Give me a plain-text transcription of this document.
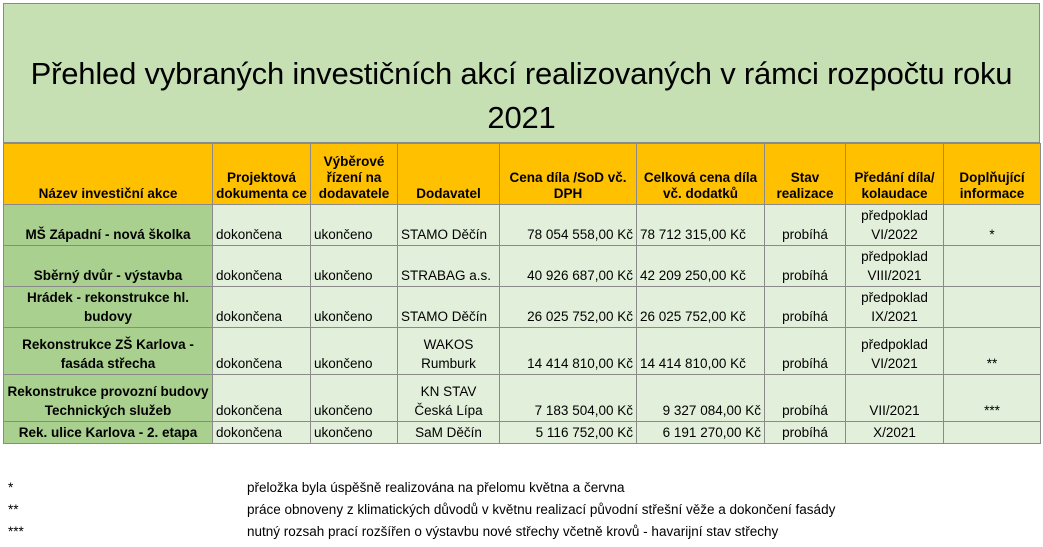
Přehled vybraných investičních akcí realizovaných v rámci rozpočtu roku 2021
Název investiční akce	Projektová dokumenta ce	Výběrové řízení na dodavatele	Dodavatel	Cena díla /SoD vč. DPH	Celková cena díla vč. dodatků	Stav realizace	Předání díla/ kolaudace	Doplňující informace
MŠ Západní - nová školka	dokončena	ukončeno	STAMO Děčín	78 054 558,00 Kč	78 712 315,00 Kč	probíhá	předpoklad VI/2022	*
Sběrný dvůr - výstavba	dokončena	ukončeno	STRABAG a.s.	40 926 687,00 Kč	42 209 250,00 Kč	probíhá	předpoklad VIII/2021	
Hrádek - rekonstrukce hl. budovy	dokončena	ukončeno	STAMO Děčín	26 025 752,00 Kč	26 025 752,00 Kč	probíhá	předpoklad IX/2021	
Rekonstrukce ZŠ Karlova - fasáda střecha	dokončena	ukončeno	WAKOS Rumburk	14 414 810,00 Kč	14 414 810,00 Kč	probíhá	předpoklad VI/2021	**
Rekonstrukce provozní budovy Technických služeb	dokončena	ukončeno	KN STAV Česká Lípa	7 183 504,00 Kč	9 327 084,00 Kč	probíhá	VII/2021	***
Rek. ulice Karlova - 2. etapa	dokončena	ukončeno	SaM Děčín	5 116 752,00 Kč	6 191 270,00 Kč	probíhá	X/2021	
*	přeložka byla úspěšně realizována na přelomu května a června
**	práce obnoveny z klimatických důvodů v květnu realizací původní střešní věže a dokončení fasády
***	nutný rozsah prací rozšířen o výstavbu nové střechy včetně krovů - havarijní stav střechy
